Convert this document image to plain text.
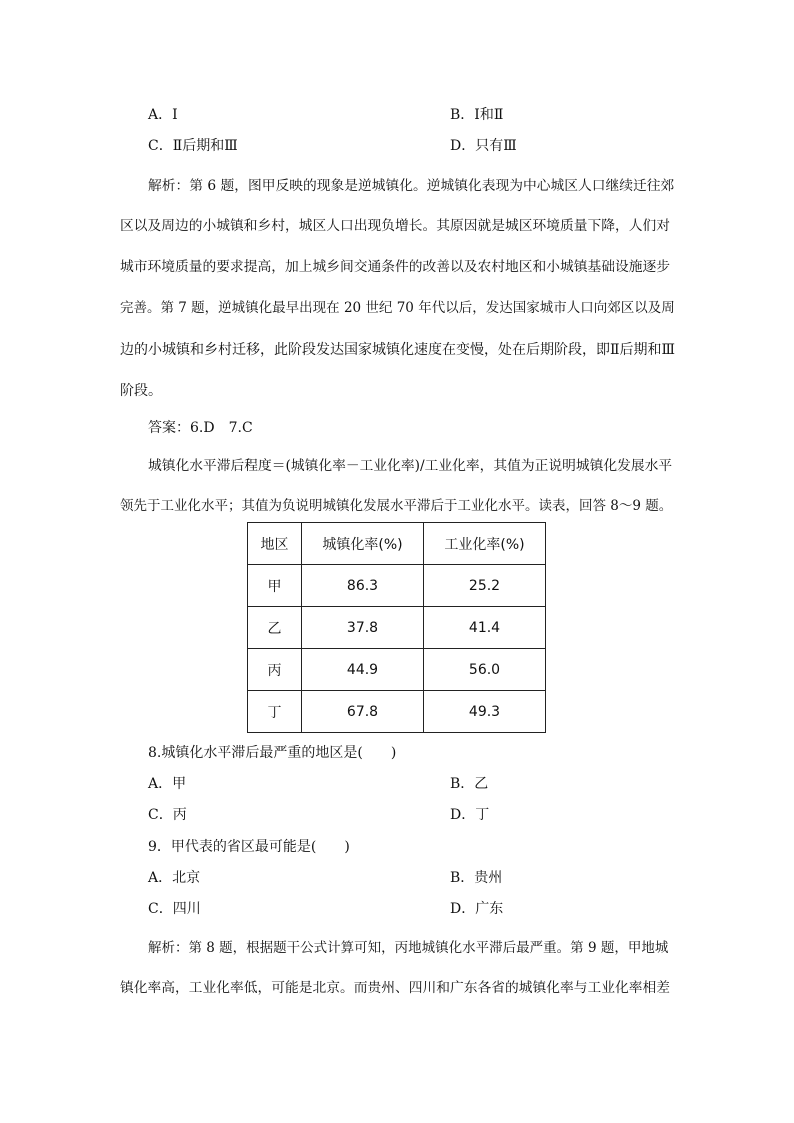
A．Ⅰ	B．Ⅰ和Ⅱ
C．Ⅱ后期和Ⅲ	D．只有Ⅲ
解析：第 6 题，图甲反映的现象是逆城镇化。逆城镇化表现为中心城区人口继续迁往郊
区以及周边的小城镇和乡村，城区人口出现负增长。其原因就是城区环境质量下降，人们对
城市环境质量的要求提高，加上城乡间交通条件的改善以及农村地区和小城镇基础设施逐步
完善。第 7 题，逆城镇化最早出现在 20 世纪 70 年代以后，发达国家城市人口向郊区以及周
边的小城镇和乡村迁移，此阶段发达国家城镇化速度在变慢，处在后期阶段，即Ⅱ后期和Ⅲ
阶段。
答案：6.D　7.C
城镇化水平滞后程度＝(城镇化率－工业化率)/工业化率，其值为正说明城镇化发展水平
领先于工业化水平；其值为负说明城镇化发展水平滞后于工业化水平。读表，回答 8～9 题。
地区	城镇化率(%)	工业化率(%)
甲	86.3	25.2
乙	37.8	41.4
丙	44.9	56.0
丁	67.8	49.3
8.城镇化水平滞后最严重的地区是(　　)
A．甲	B．乙
C．丙	D．丁
9．甲代表的省区最可能是(　　)
A．北京	B．贵州
C．四川	D．广东
解析：第 8 题，根据题干公式计算可知，丙地城镇化水平滞后最严重。第 9 题，甲地城
镇化率高，工业化率低，可能是北京。而贵州、四川和广东各省的城镇化率与工业化率相差
